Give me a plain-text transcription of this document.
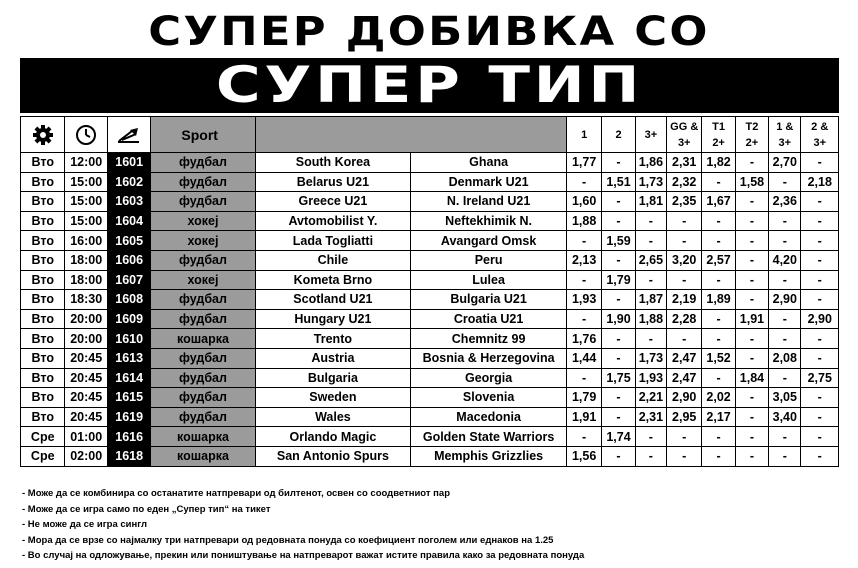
СУПЕР ДОБИВКА СО
СУПЕР ТИП

	Sport			1	2	3+	GG & 3+	T1 2+	T2 2+	1 & 3+	2 & 3+
Вто	12:00	1601	фудбал	South Korea	Ghana	1,77	-	1,86	2,31	1,82	-	2,70	-
Вто	15:00	1602	фудбал	Belarus U21	Denmark U21	-	1,51	1,73	2,32	-	1,58	-	2,18
Вто	15:00	1603	фудбал	Greece U21	N. Ireland U21	1,60	-	1,81	2,35	1,67	-	2,36	-
Вто	15:00	1604	хокеј	Avtomobilist Y.	Neftekhimik N.	1,88	-	-	-	-	-	-	-
Вто	16:00	1605	хокеј	Lada Togliatti	Avangard Omsk	-	1,59	-	-	-	-	-	-
Вто	18:00	1606	фудбал	Chile	Peru	2,13	-	2,65	3,20	2,57	-	4,20	-
Вто	18:00	1607	хокеј	Kometa Brno	Lulea	-	1,79	-	-	-	-	-	-
Вто	18:30	1608	фудбал	Scotland U21	Bulgaria U21	1,93	-	1,87	2,19	1,89	-	2,90	-
Вто	20:00	1609	фудбал	Hungary U21	Croatia U21	-	1,90	1,88	2,28	-	1,91	-	2,90
Вто	20:00	1610	кошарка	Trento	Chemnitz 99	1,76	-	-	-	-	-	-	-
Вто	20:45	1613	фудбал	Austria	Bosnia & Herzegovina	1,44	-	1,73	2,47	1,52	-	2,08	-
Вто	20:45	1614	фудбал	Bulgaria	Georgia	-	1,75	1,93	2,47	-	1,84	-	2,75
Вто	20:45	1615	фудбал	Sweden	Slovenia	1,79	-	2,21	2,90	2,02	-	3,05	-
Вто	20:45	1619	фудбал	Wales	Macedonia	1,91	-	2,31	2,95	2,17	-	3,40	-
Сре	01:00	1616	кошарка	Orlando Magic	Golden State Warriors	-	1,74	-	-	-	-	-	-
Сре	02:00	1618	кошарка	San Antonio Spurs	Memphis Grizzlies	1,56	-	-	-	-	-	-	-
- Може да се комбинира со останатите натпревари од билтенот, освен со соодветниот пар
- Може да се игра само по еден „Супер тип“ на тикет
- Не може да се игра сингл
- Мора да се врзе со најмалку три натпревари од редовната понуда со коефициент поголем или еднаков на 1.25
- Во случај на одложување, прекин или поништување на натпреварот важат истите правила како за редовната понуда
